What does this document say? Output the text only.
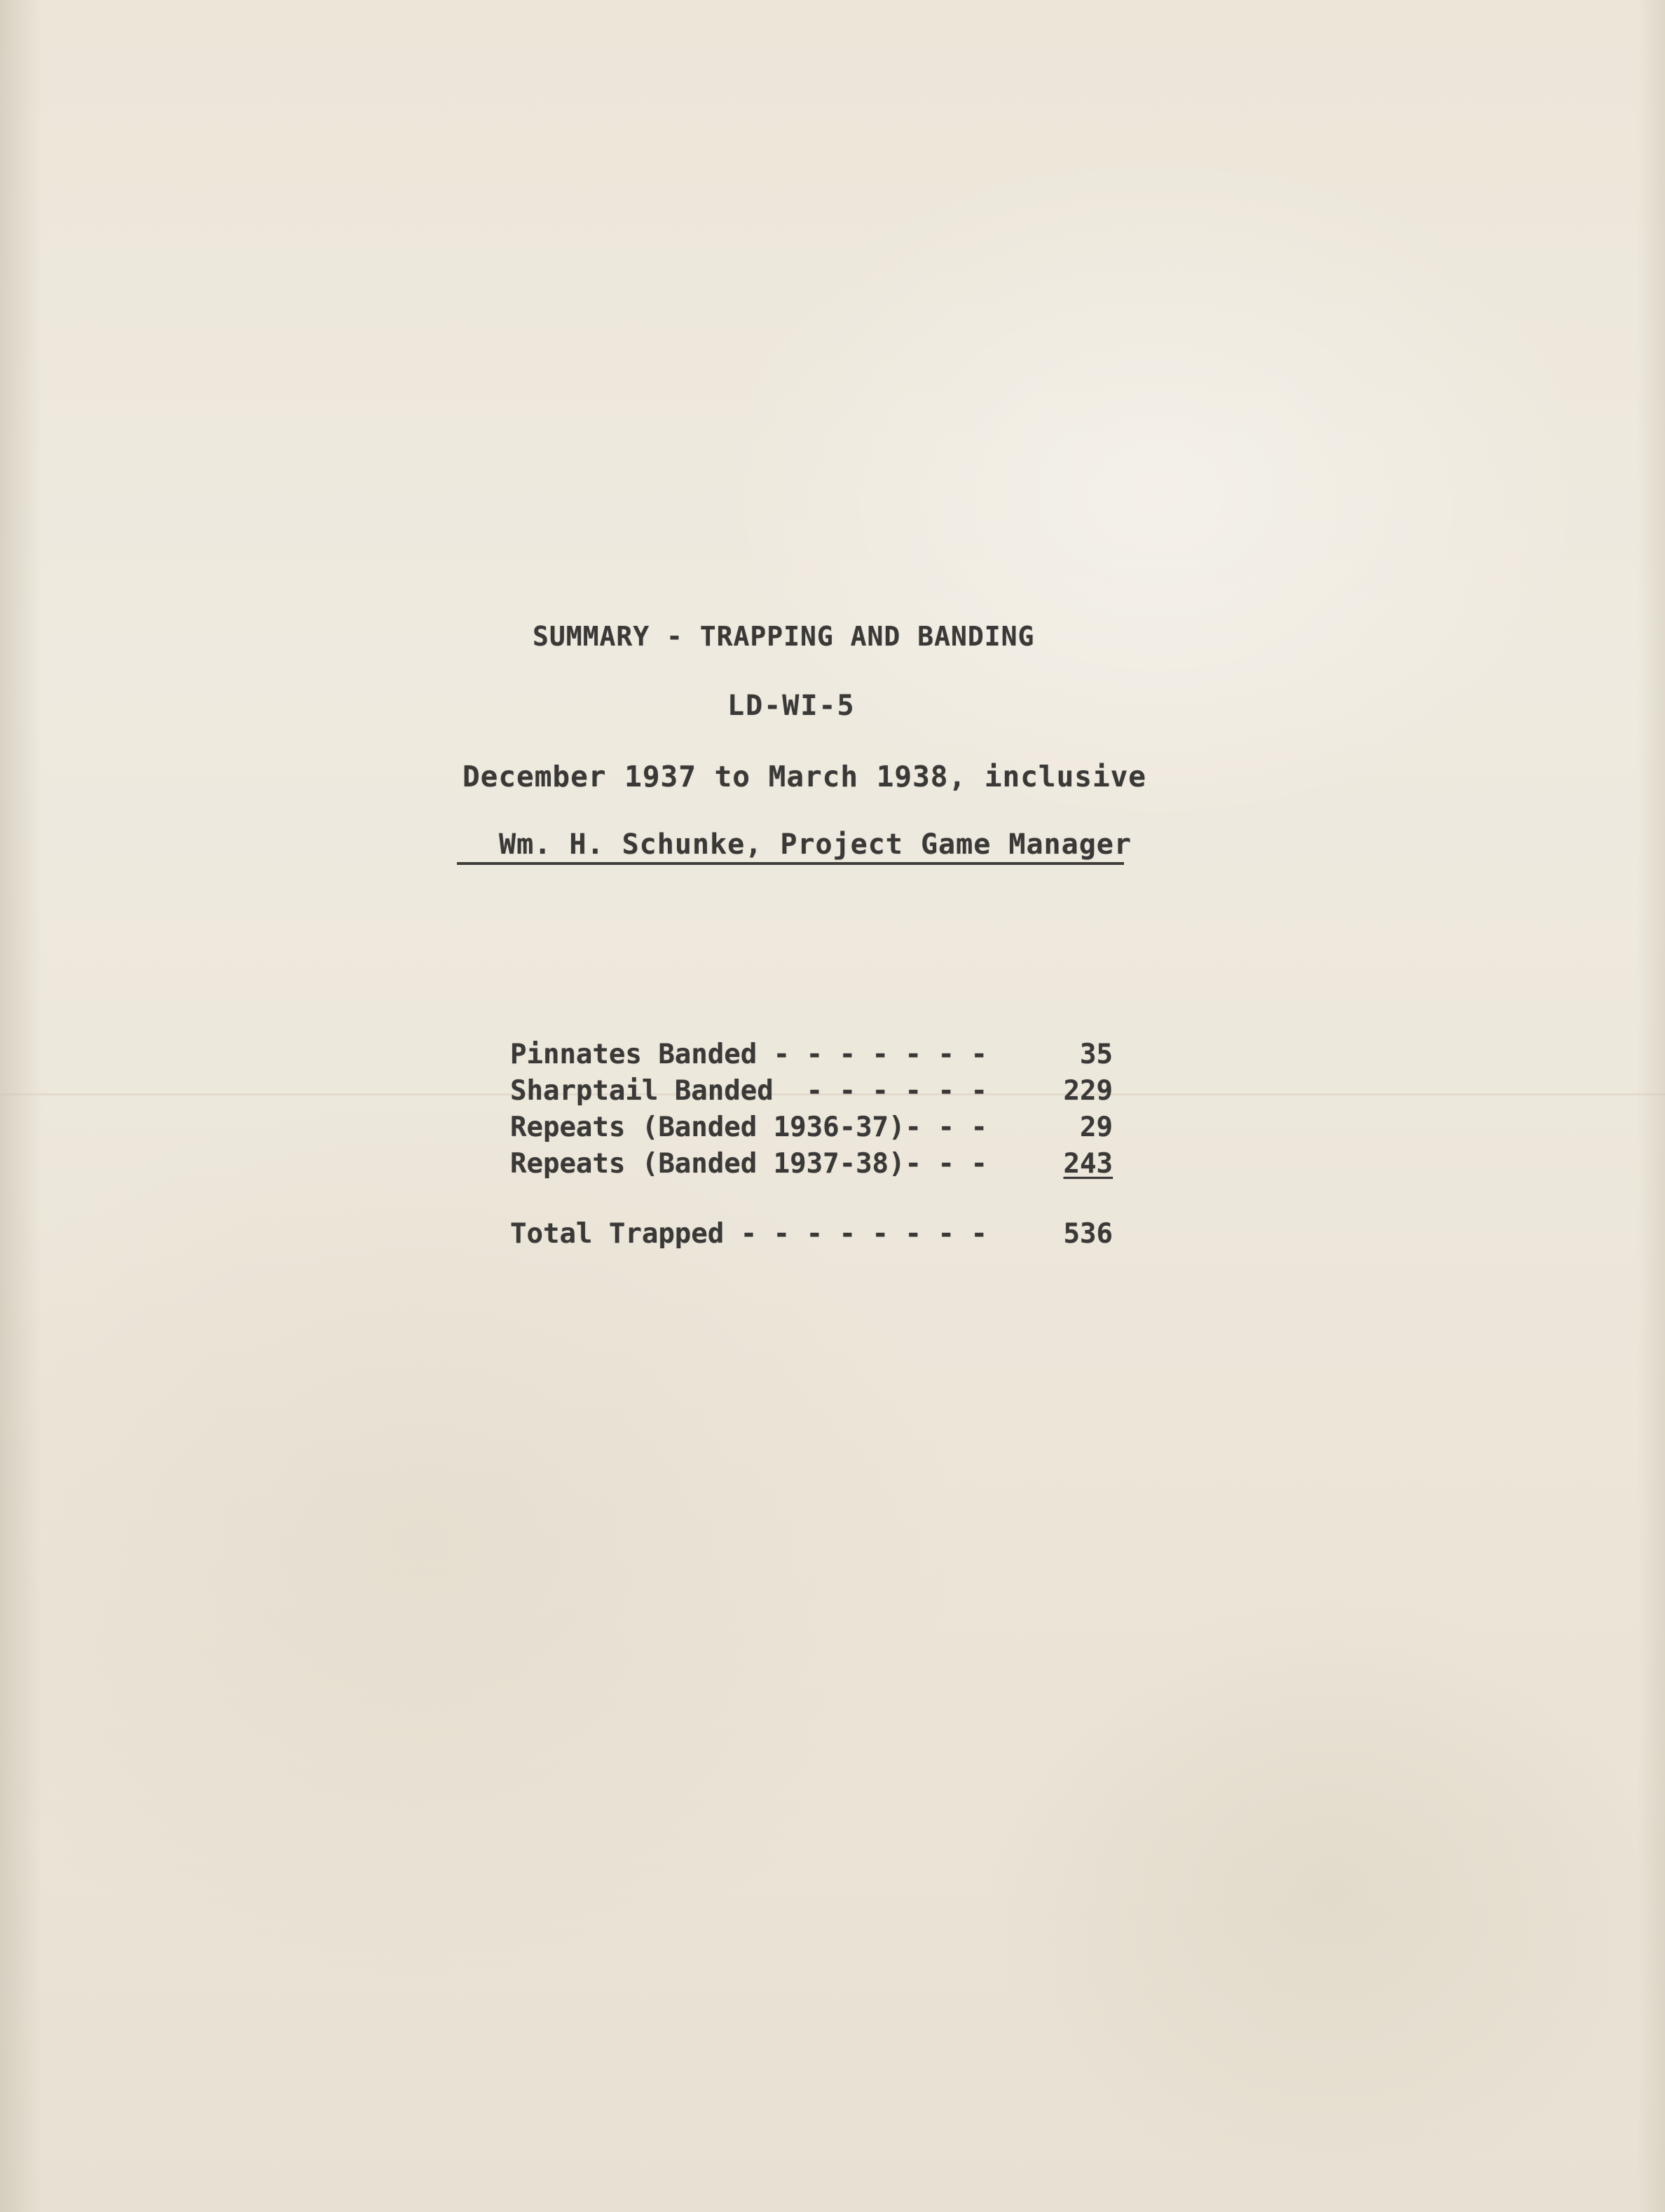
SUMMARY - TRAPPING AND BANDING
LD-WI-5
December 1937 to March 1938, inclusive
Wm. H. Schunke, Project Game Manager
Pinnates Banded - - - - - - -	35
Sharptail Banded  - - - - - -	229
Repeats (Banded 1936-37)- - -	29
Repeats (Banded 1937-38)- - -	243
Total Trapped - - - - - - - -	536
